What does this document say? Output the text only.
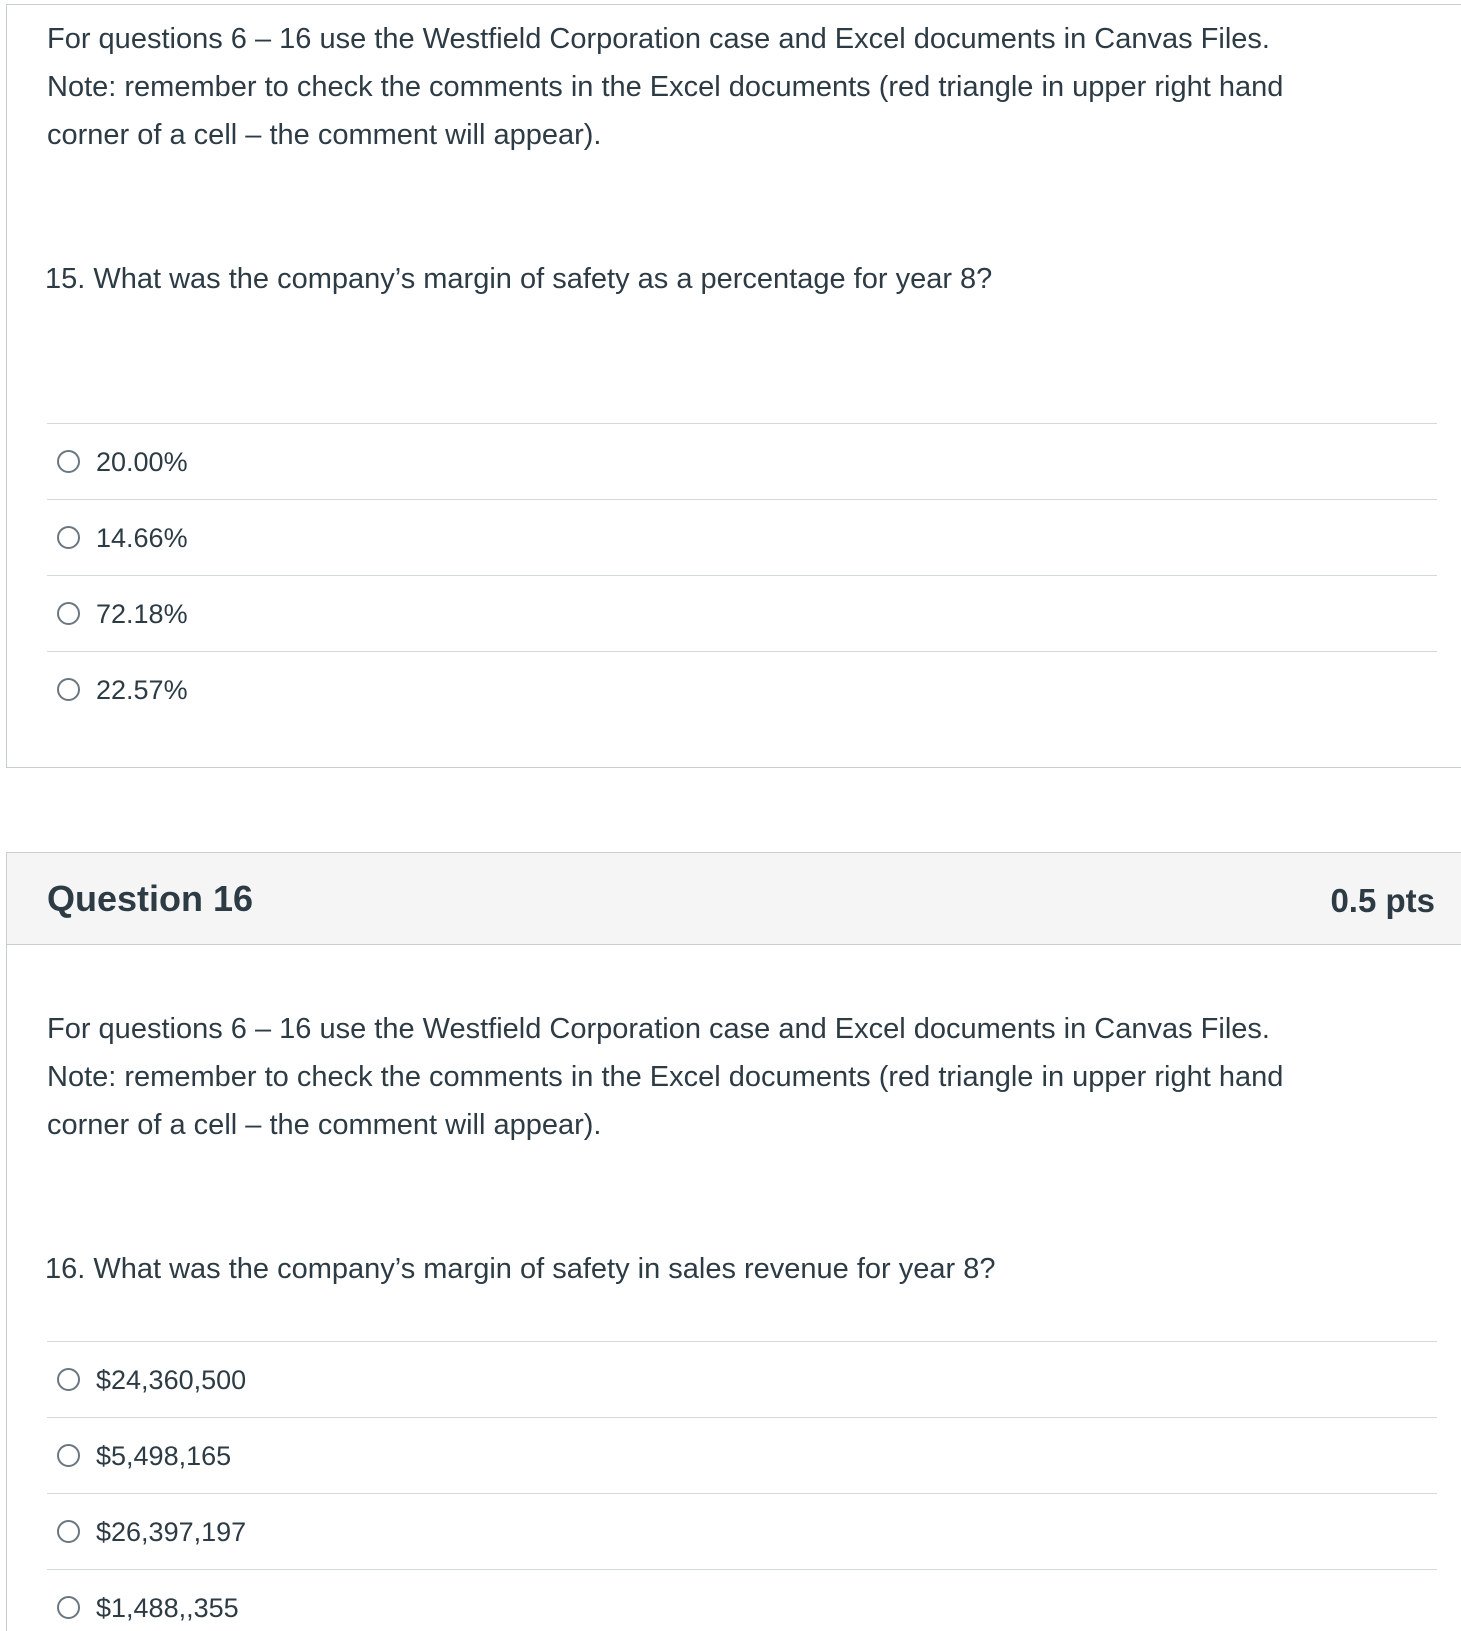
For questions 6 – 16 use the Westfield Corporation case and Excel documents in Canvas Files.
Note: remember to check the comments in the Excel documents (red triangle in upper right hand
corner of a cell – the comment will appear).

15. What was the company’s margin of safety as a percentage for year 8?

20.00%
14.66%
72.18%
22.57%
Question 16	0.5 pts
For questions 6 – 16 use the Westfield Corporation case and Excel documents in Canvas Files.
Note: remember to check the comments in the Excel documents (red triangle in upper right hand
corner of a cell – the comment will appear).

16. What was the company’s margin of safety in sales revenue for year 8?

$24,360,500
$5,498,165
$26,397,197
$1,488,,355
